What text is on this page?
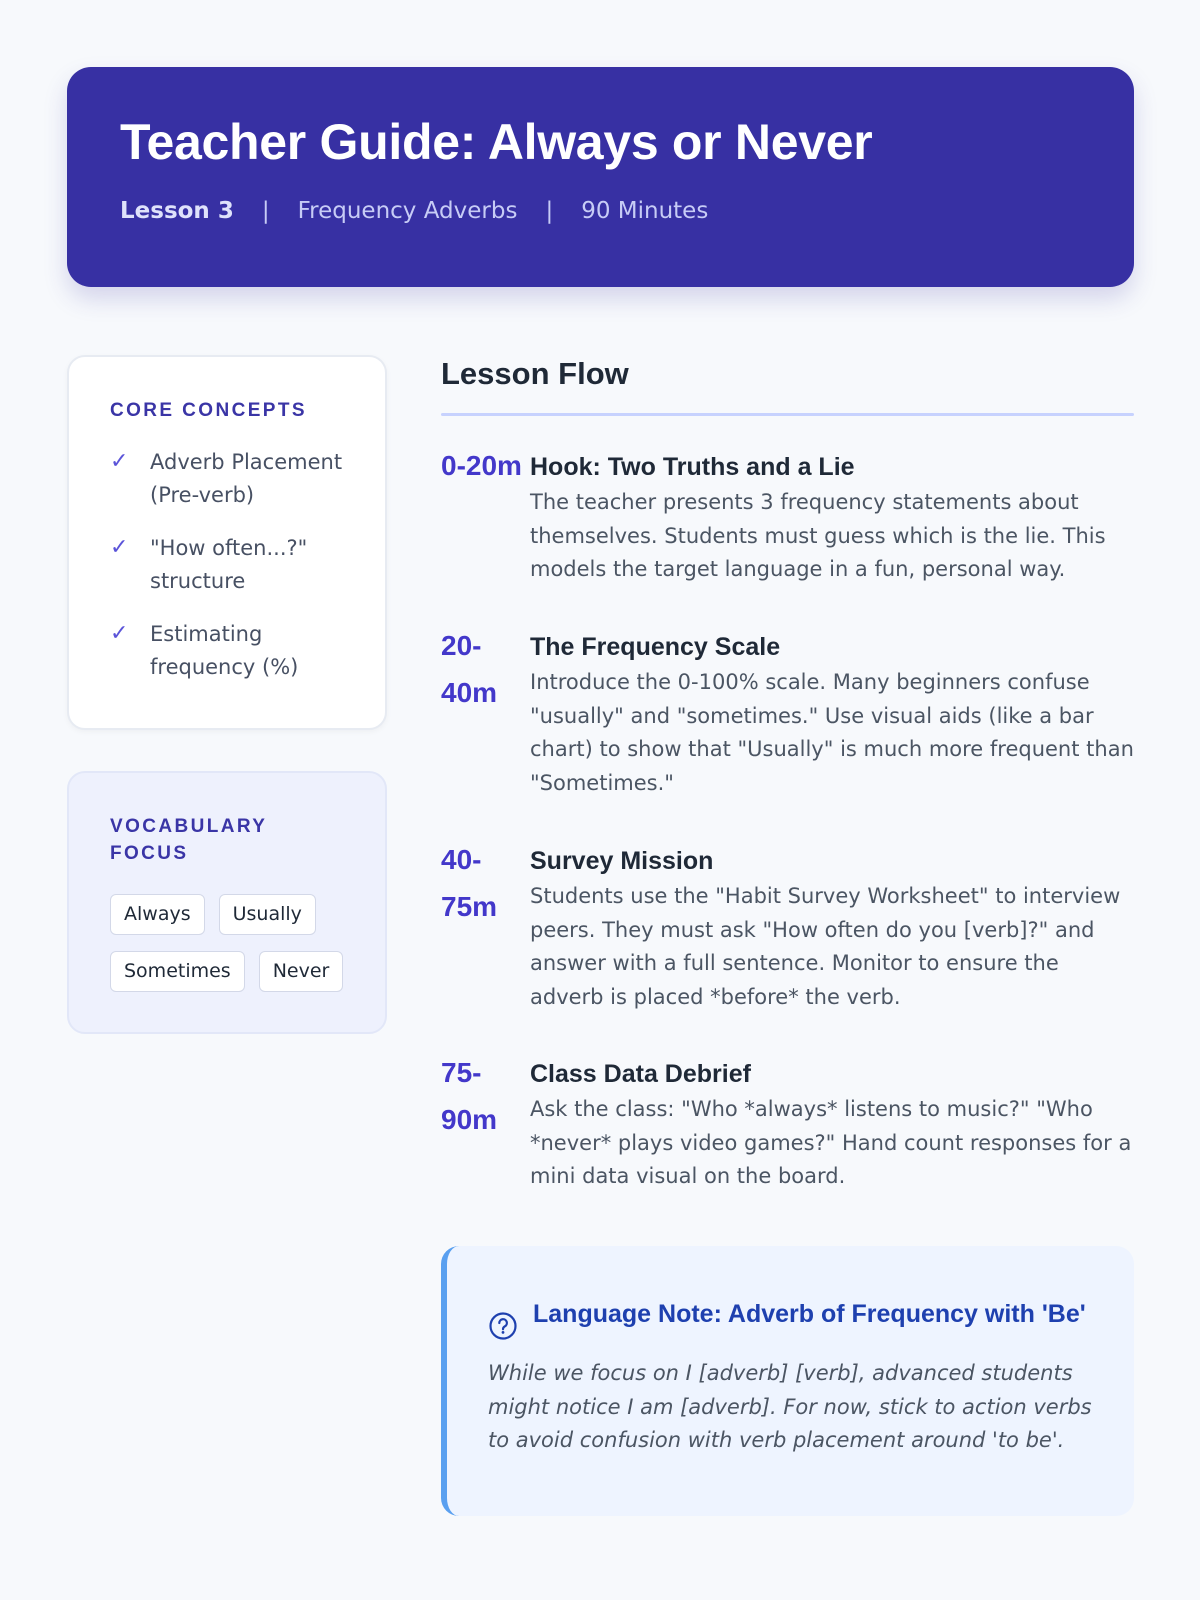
Teacher Guide: Always or Never
Lesson 3 | Frequency Adverbs | 90 Minutes
CORE CONCEPTS
✓	Adverb Placement (Pre-verb)
✓	"How often...?" structure
✓	Estimating frequency (%)
VOCABULARY FOCUS
Always	Usually
Sometimes	Never
Lesson Flow
0-20m Hook: Two Truths and a Lie

The teacher presents 3 frequency statements about themselves. Students must guess which is the lie. This models the target language in a fun, personal way.

20-40m
The Frequency Scale

Introduce the 0-100% scale. Many beginners confuse "usually" and "sometimes." Use visual aids (like a bar chart) to show that "Usually" is much more frequent than "Sometimes."

40-75m
Survey Mission

Students use the "Habit Survey Worksheet" to interview peers. They must ask "How often do you [verb]?" and answer with a full sentence. Monitor to ensure the adverb is placed *before* the verb.

75-90m
Class Data Debrief

Ask the class: "Who *always* listens to music?" "Who *never* plays video games?" Hand count responses for a mini data visual on the board.

Language Note: Adverb of Frequency with 'Be'

While we focus on I [adverb] [verb], advanced students might notice I am [adverb]. For now, stick to action verbs to avoid confusion with verb placement around 'to be'.
